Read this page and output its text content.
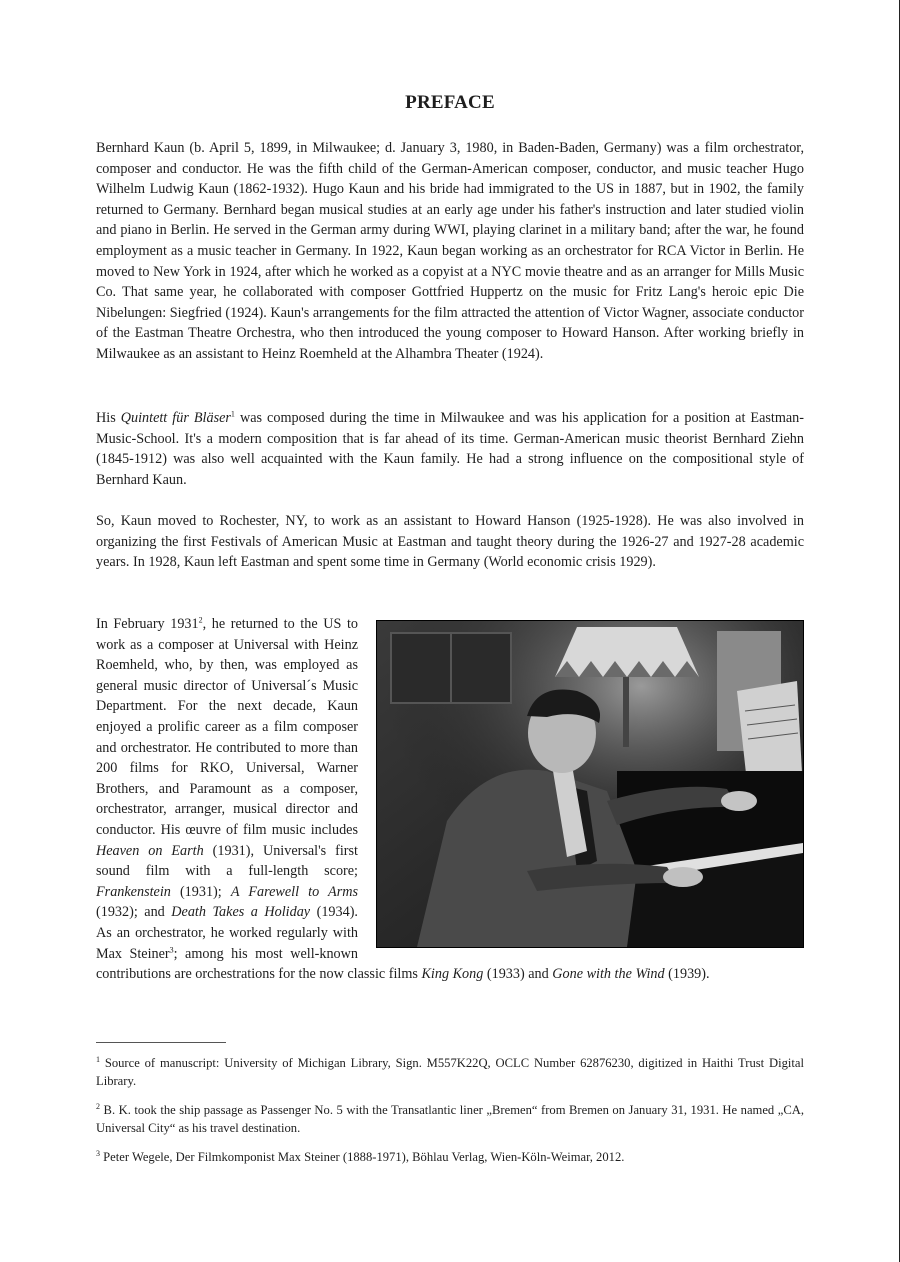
PREFACE

Bernhard Kaun (b. April 5, 1899, in Milwaukee; d. January 3, 1980, in Baden-Baden, Germany) was a film orchestrator, composer and conductor. He was the fifth child of the German-American composer, conductor, and music teacher Hugo Wilhelm Ludwig Kaun (1862-1932). Hugo Kaun and his bride had immigrated to the US in 1887, but in 1902, the family returned to Germany. Bernhard began musical studies at an early age under his father's instruction and later studied violin and piano in Berlin. He served in the German army during WWI, playing clarinet in a military band; after the war, he found employment as a music teacher in Germany. In 1922, Kaun began working as an orchestrator for RCA Victor in Berlin. He moved to New York in 1924, after which he worked as a copyist at a NYC movie theatre and as an arranger for Mills Music Co. That same year, he collaborated with composer Gottfried Huppertz on the music for Fritz Lang's heroic epic Die Nibelungen: Siegfried (1924). Kaun's arrangements for the film attracted the attention of Victor Wagner, associate conductor of the Eastman Theatre Orchestra, who then introduced the young composer to Howard Hanson. After working briefly in Milwaukee as an assistant to Heinz Roemheld at the Alhambra Theater (1924).

His Quintett für Bläser$^1$ was composed during the time in Milwaukee and was his application for a position at Eastman-Music-School. It's a modern composition that is far ahead of its time. German-American music theorist Bernhard Ziehn (1845-1912) was also well acquainted with the Kaun family. He had a strong influence on the compositional style of Bernhard Kaun.

So, Kaun moved to Rochester, NY, to work as an assistant to Howard Hanson (1925-1928). He was also involved in organizing the first Festivals of American Music at Eastman and taught theory during the 1926-27 and 1927-28 academic years. In 1928, Kaun left Eastman and spent some time in Germany (World economic crisis 1929).

In February 1931$^2$, he returned to the US to work as a composer at Universal with Heinz Roemheld, who, by then, was employed as general music director of Universal´s Music Department. For the next decade, Kaun enjoyed a prolific career as a film composer and orchestrator. He contributed to more than 200 films for RKO, Universal, Warner Brothers, and Paramount as a composer, orchestrator, arranger, musical director and conductor. His œuvre of film music includes Heaven on Earth (1931), Universal's first sound film with a full-length score; Frankenstein (1931); A Farewell to Arms (1932); and Death Takes a Holiday (1934). As an orchestrator, he worked regularly with Max Steiner$^3$; among his most well-known contributions are orchestrations for the now classic films King Kong (1933) and Gone with the Wind (1939).

$^1$ Source of manuscript: University of Michigan Library, Sign. M557K22Q, OCLC Number 62876230, digitized in Haithi Trust Digital Library.

$^2$ B. K. took the ship passage as Passenger No. 5 with the Transatlantic liner „Bremen“ from Bremen on January 31, 1931. He named „CA, Universal City“ as his travel destination.

$^3$ Peter Wegele, Der Filmkomponist Max Steiner (1888-1971), Böhlau Verlag, Wien-Köln-Weimar, 2012.
